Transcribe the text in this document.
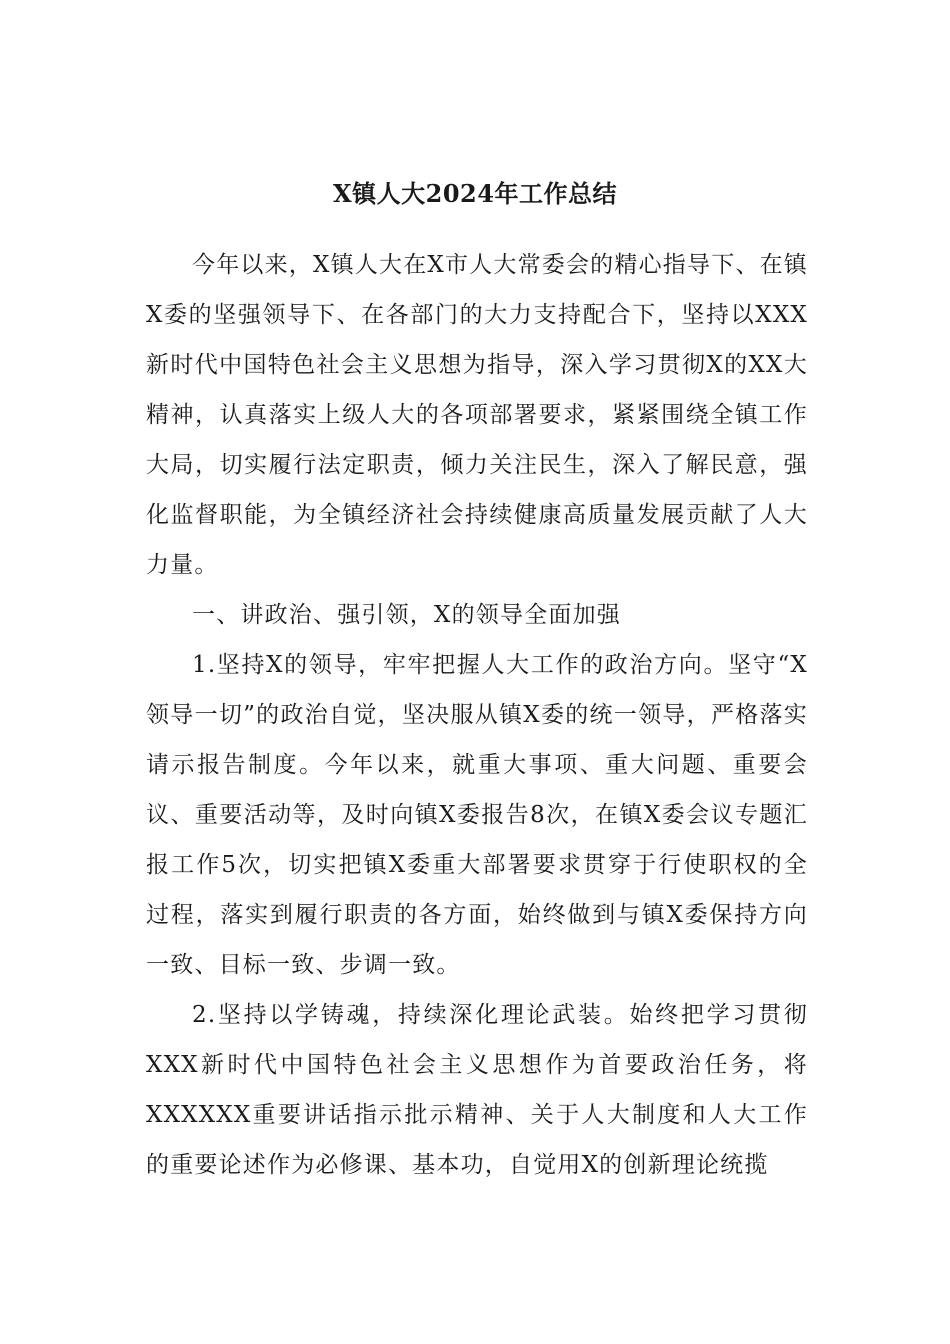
X镇人大2024年工作总结

今年以来，X镇人大在X市人大常委会的精心指导下、在镇X委的坚强领导下、在各部门的大力支持配合下，坚持以XXX新时代中国特色社会主义思想为指导，深入学习贯彻X的XX大精神，认真落实上级人大的各项部署要求，紧紧围绕全镇工作大局，切实履行法定职责，倾力关注民生，深入了解民意，强化监督职能，为全镇经济社会持续健康高质量发展贡献了人大力量。

一、讲政治、强引领，X的领导全面加强

1.坚持X的领导，牢牢把握人大工作的政治方向。坚守“X领导一切”的政治自觉，坚决服从镇X委的统一领导，严格落实请示报告制度。今年以来，就重大事项、重大问题、重要会议、重要活动等，及时向镇X委报告8次，在镇X委会议专题汇报工作5次，切实把镇X委重大部署要求贯穿于行使职权的全过程，落实到履行职责的各方面，始终做到与镇X委保持方向一致、目标一致、步调一致。

2.坚持以学铸魂，持续深化理论武装。始终把学习贯彻XXX新时代中国特色社会主义思想作为首要政治任务，将XXXXXX重要讲话指示批示精神、关于人大制度和人大工作的重要论述作为必修课、基本功，自觉用X的创新理论统揽
